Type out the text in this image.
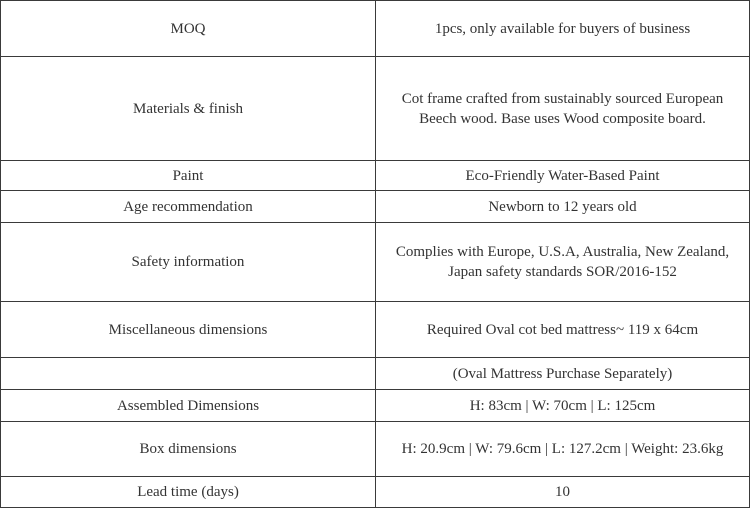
MOQ	1pcs, only available for buyers of business
Materials & finish	Cot frame crafted from sustainably sourced European
Beech wood. Base uses Wood composite board.

Paint	Eco-Friendly Water-Based Paint
Age recommendation	Newborn to 12 years old
Safety information	Complies with Europe, U.S.A, Australia, New Zealand,
Japan safety standards SOR/2016-152

Miscellaneous dimensions	Required Oval cot bed mattress~ 119 x 64cm
	(Oval Mattress Purchase Separately)
Assembled Dimensions	H: 83cm | W: 70cm | L: 125cm
Box dimensions	H: 20.9cm | W: 79.6cm | L: 127.2cm | Weight: 23.6kg
Lead time (days)	10
